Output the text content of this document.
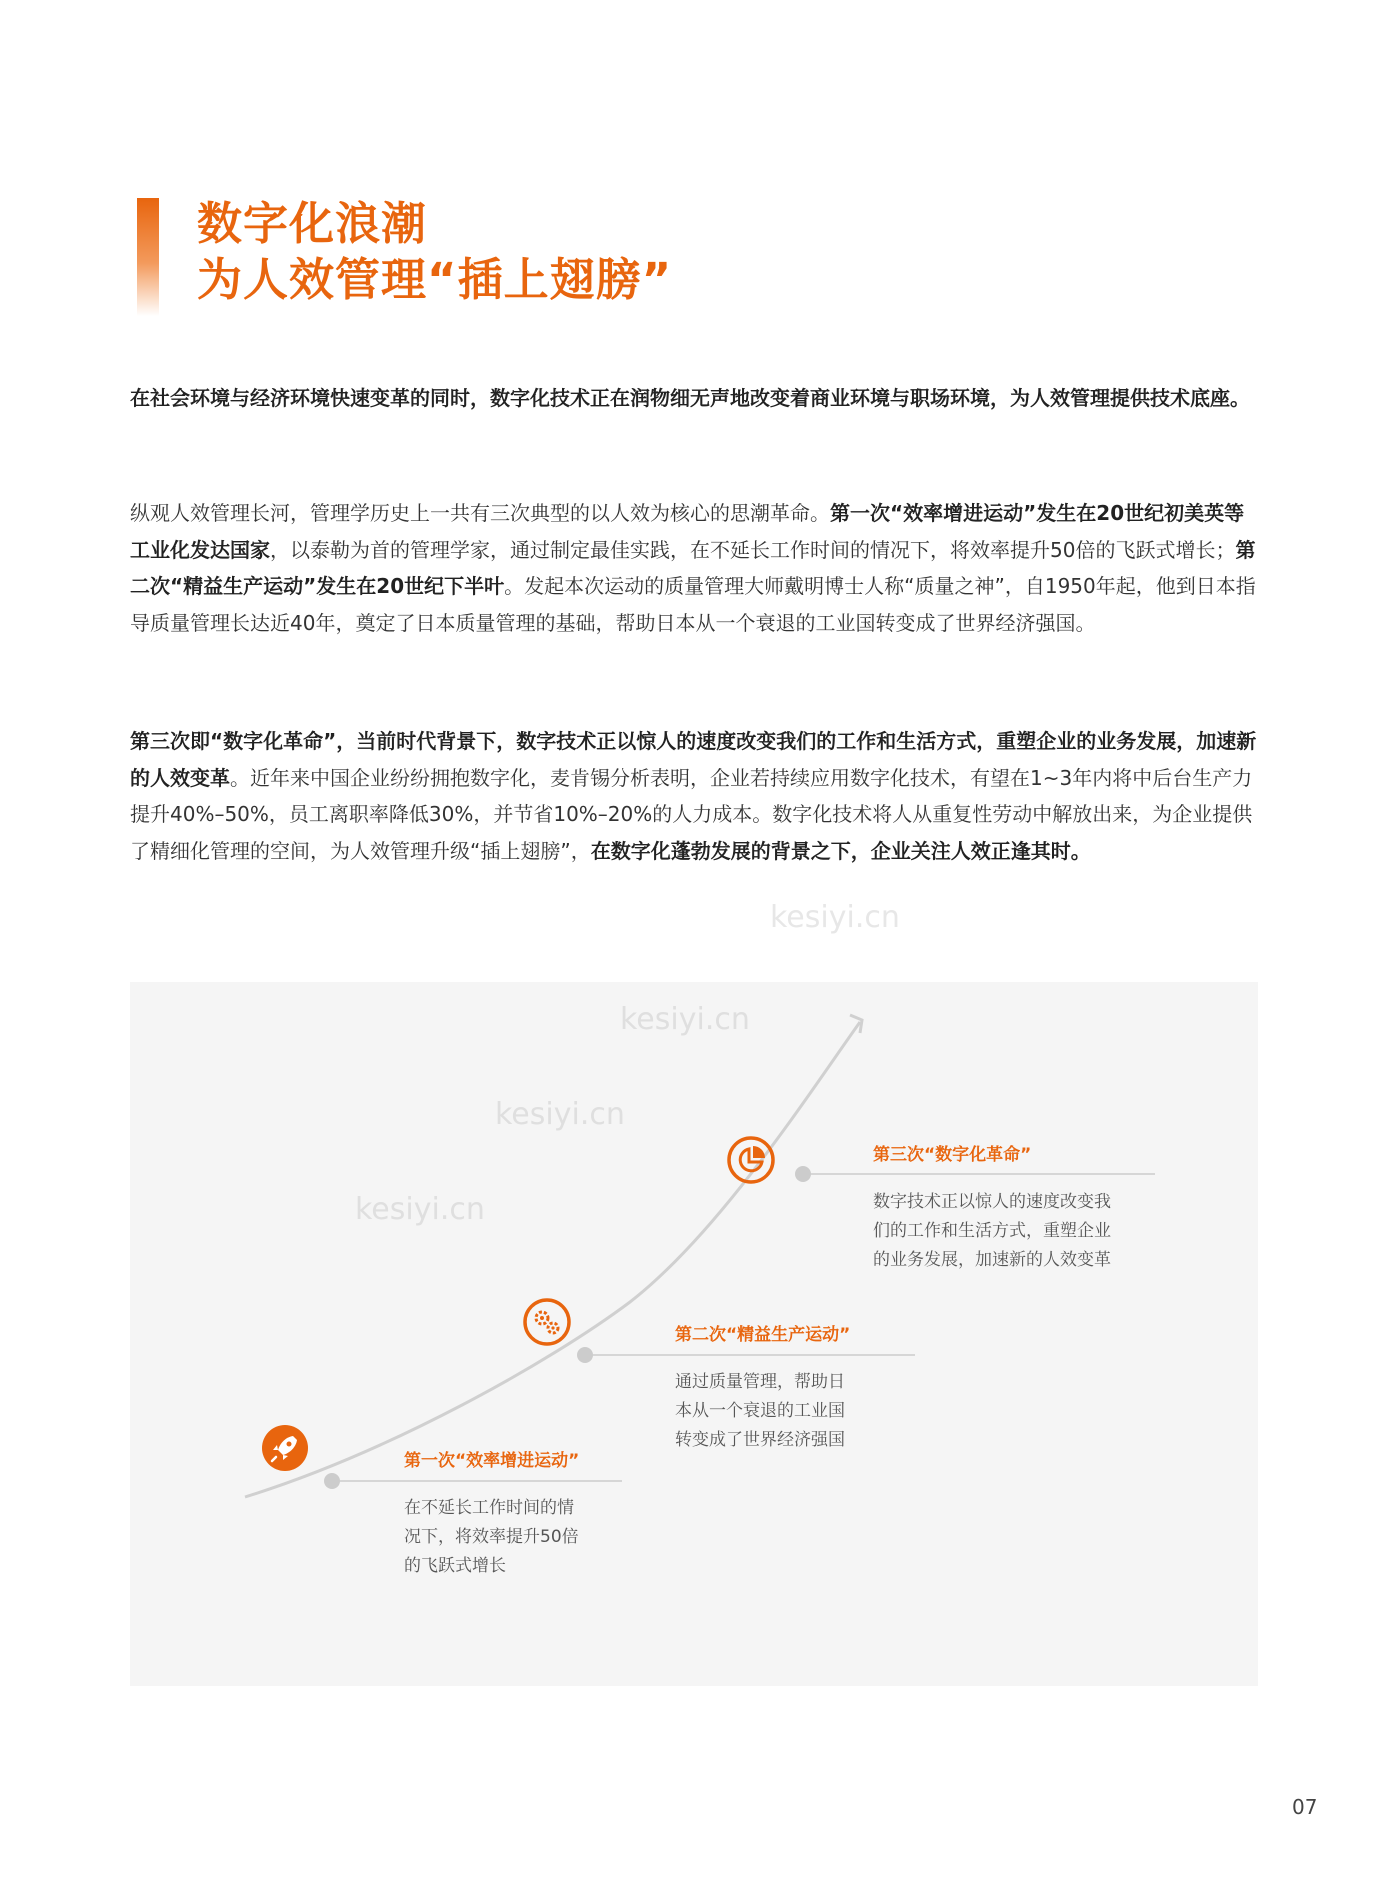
数字化浪潮
为人效管理“插上翅膀”

在社会环境与经济环境快速变革的同时，数字化技术正在润物细无声地改变着商业环境与职场环境，为人效管理提供技术底座。

纵观人效管理长河，管理学历史上一共有三次典型的以人效为核心的思潮革命。第一次“效率增进运动”发生在20世纪初美英等工业化发达国家，以泰勒为首的管理学家，通过制定最佳实践，在不延长工作时间的情况下，将效率提升50倍的飞跃式增长；第二次“精益生产运动”发生在20世纪下半叶。发起本次运动的质量管理大师戴明博士人称“质量之神”，自1950年起，他到日本指导质量管理长达近40年，奠定了日本质量管理的基础，帮助日本从一个衰退的工业国转变成了世界经济强国。

第三次即“数字化革命”，当前时代背景下，数字技术正以惊人的速度改变我们的工作和生活方式，重塑企业的业务发展，加速新的人效变革。近年来中国企业纷纷拥抱数字化，麦肯锡分析表明，企业若持续应用数字化技术，有望在1~3年内将中后台生产力提升40%–50%，员工离职率降低30%，并节省10%–20%的人力成本。数字化技术将人从重复性劳动中解放出来，为企业提供了精细化管理的空间，为人效管理升级“插上翅膀”，在数字化蓬勃发展的背景之下，企业关注人效正逢其时。

kesiyi.cn
kesiyi.cn
kesiyi.cn
kesiyi.cn
第一次“效率增进运动”

在不延长工作时间的情
况下，将效率提升50倍
的飞跃式增长

第二次“精益生产运动”

通过质量管理，帮助日
本从一个衰退的工业国
转变成了世界经济强国

第三次“数字化革命”

数字技术正以惊人的速度改变我
们的工作和生活方式，重塑企业
的业务发展，加速新的人效变革

07
